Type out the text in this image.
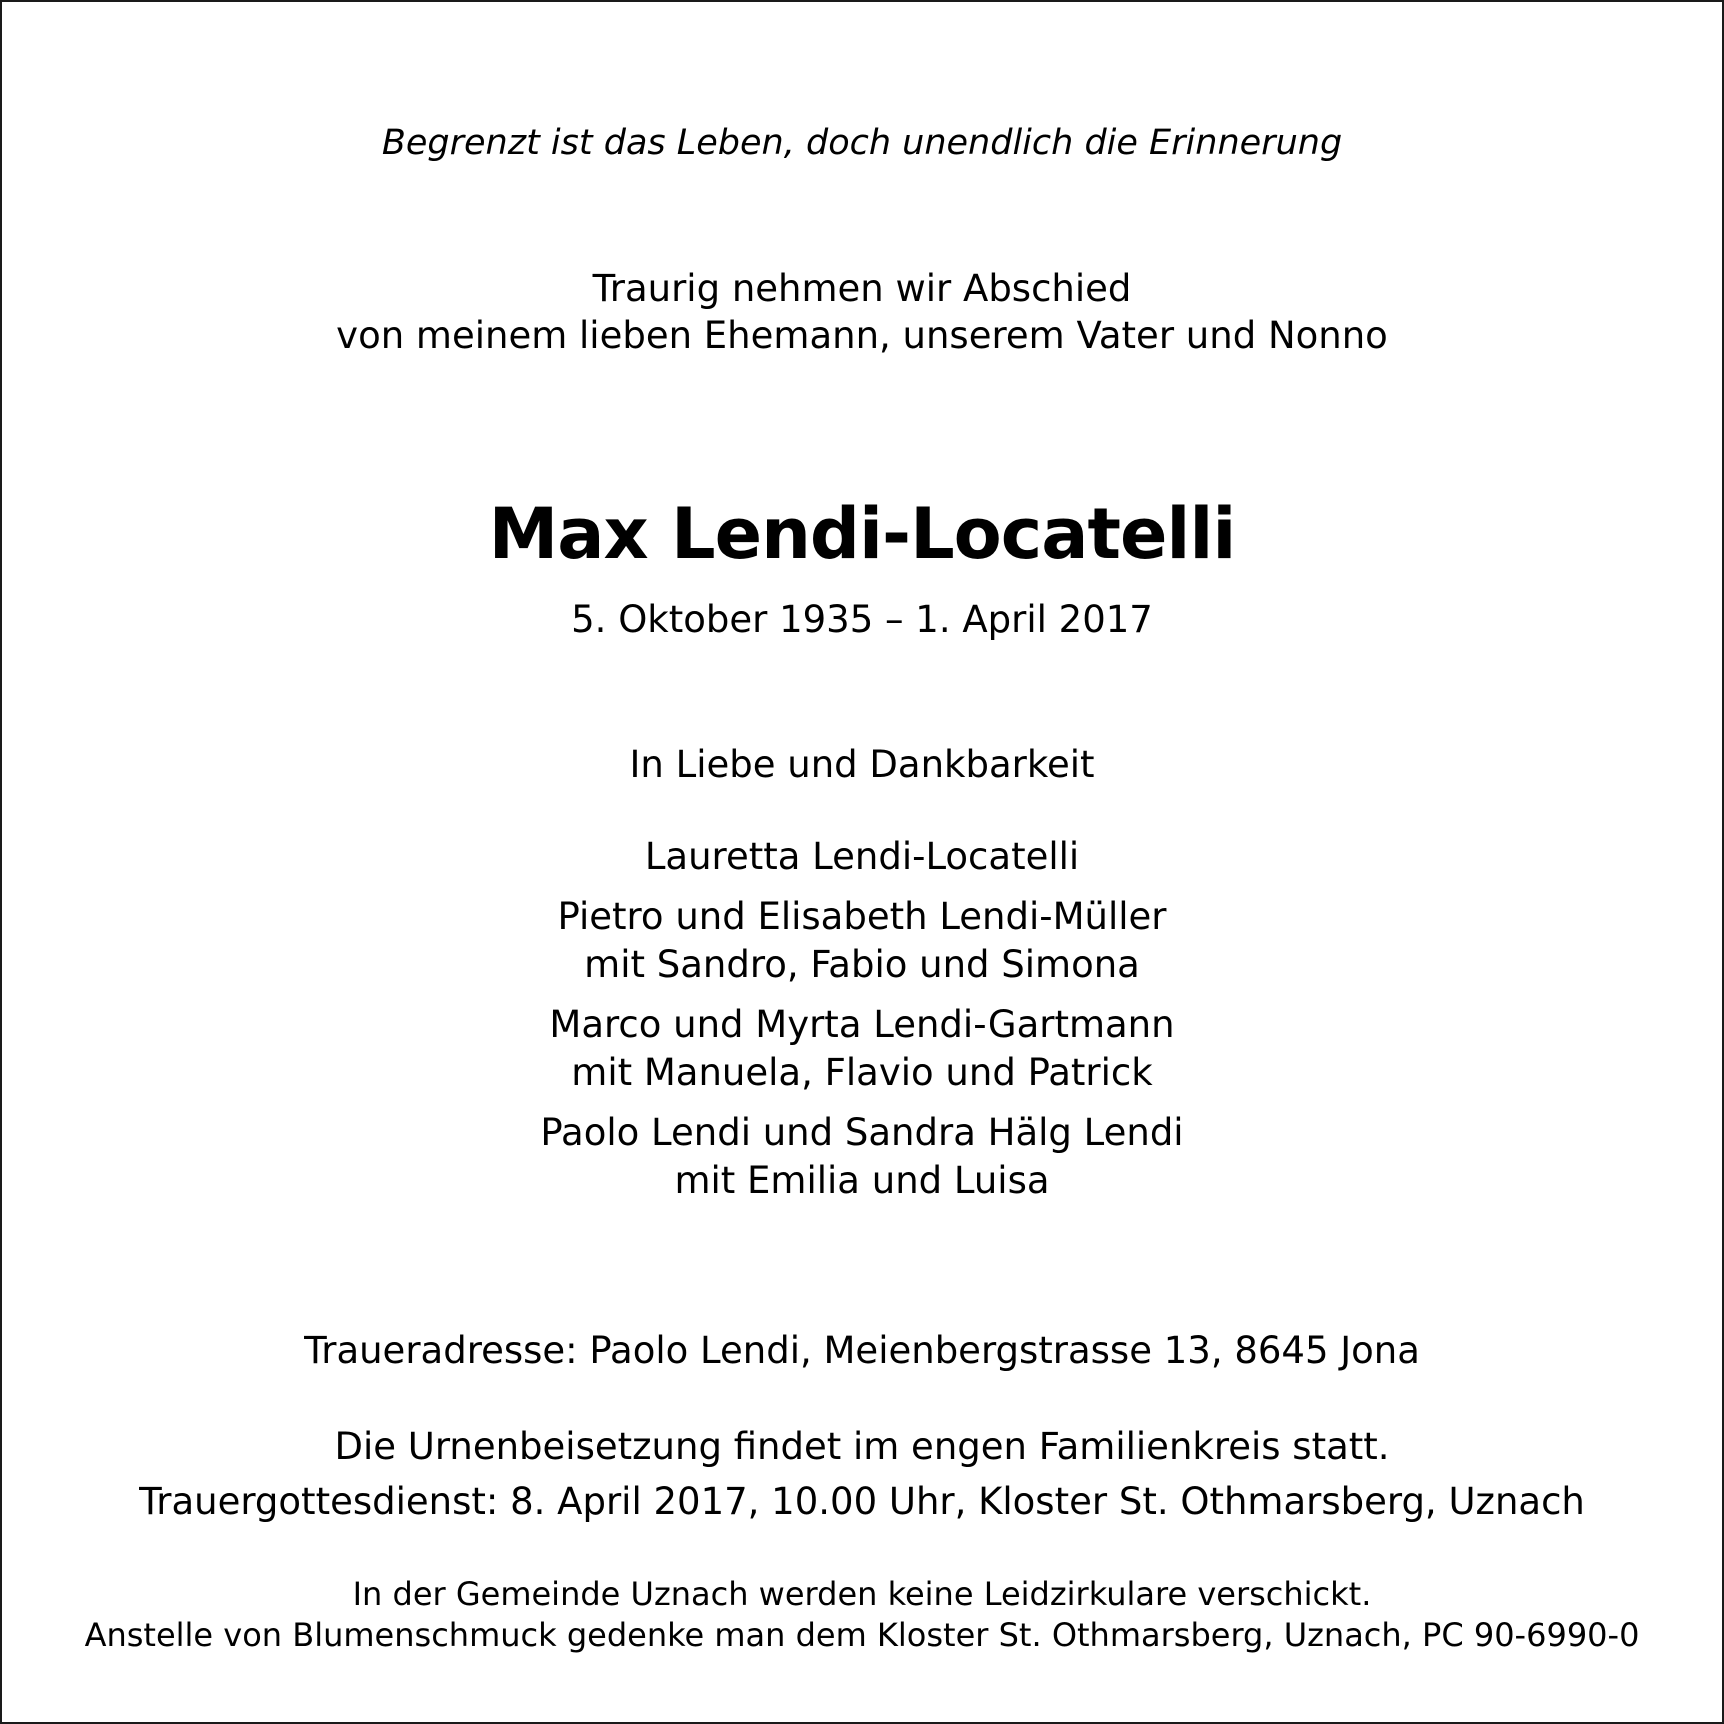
Begrenzt ist das Leben, doch unendlich die Erinnerung

Traurig nehmen wir Abschied

von meinem lieben Ehemann, unserem Vater und Nonno

Max Lendi-Locatelli

5. Oktober 1935 – 1. April 2017

In Liebe und Dankbarkeit

Lauretta Lendi-Locatelli

Pietro und Elisabeth Lendi-Müller

mit Sandro, Fabio und Simona

Marco und Myrta Lendi-Gartmann

mit Manuela, Flavio und Patrick

Paolo Lendi und Sandra Hälg Lendi

mit Emilia und Luisa

Traueradresse: Paolo Lendi, Meienbergstrasse 13, 8645 Jona

Die Urnenbeisetzung findet im engen Familienkreis statt.

Trauergottesdienst: 8. April 2017, 10.00 Uhr, Kloster St. Othmarsberg, Uznach

In der Gemeinde Uznach werden keine Leidzirkulare verschickt.

Anstelle von Blumenschmuck gedenke man dem Kloster St. Othmarsberg, Uznach, PC 90-6990-0
